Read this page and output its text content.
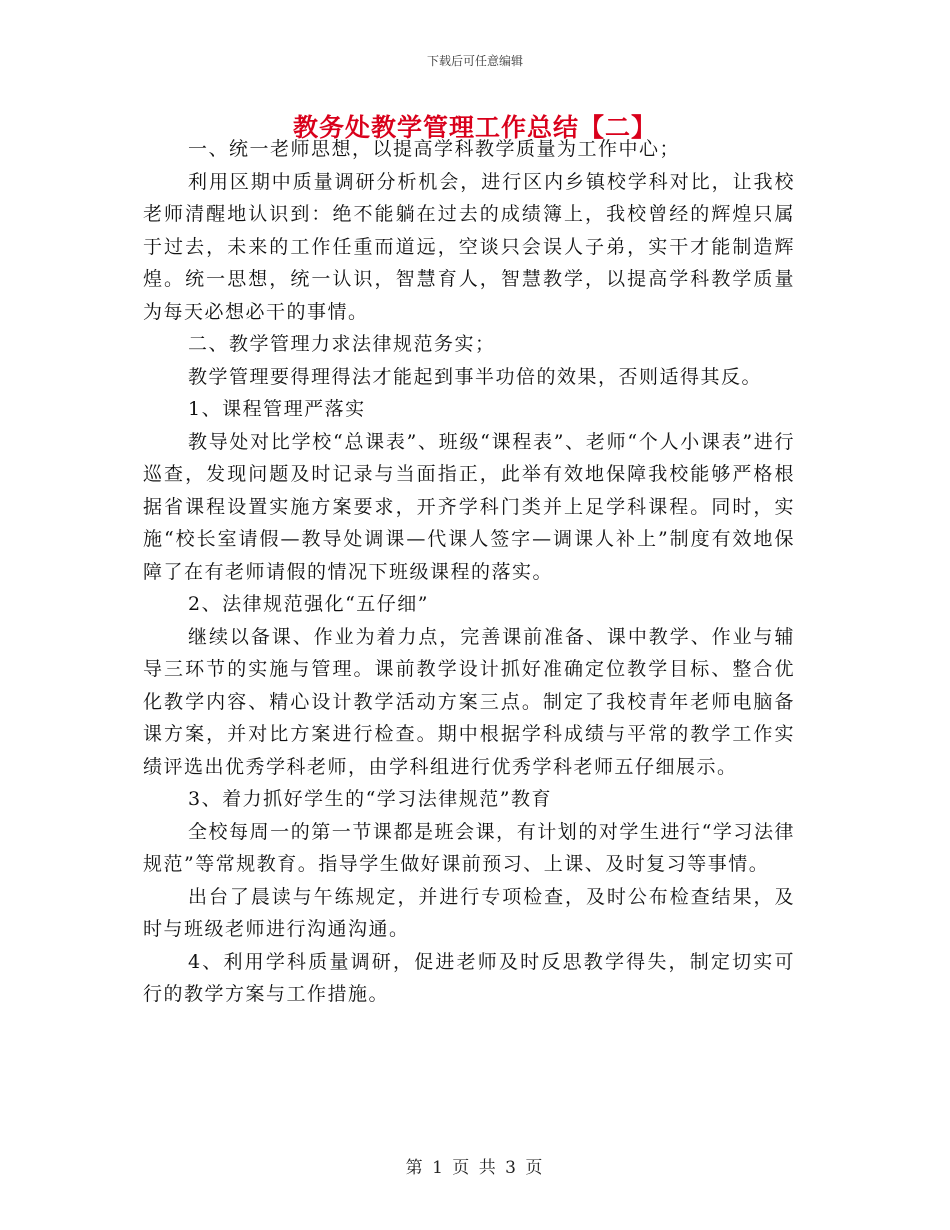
下载后可任意编辑
教务处教学管理工作总结【二】

一、统一老师思想，以提高学科教学质量为工作中心；

利用区期中质量调研分析机会，进行区内乡镇校学科对比，让我校老师清醒地认识到：绝不能躺在过去的成绩簿上，我校曾经的辉煌只属于过去，未来的工作任重而道远，空谈只会误人子弟，实干才能制造辉煌。统一思想，统一认识，智慧育人，智慧教学，以提高学科教学质量为每天必想必干的事情。

二、教学管理力求法律规范务实；

教学管理要得理得法才能起到事半功倍的效果，否则适得其反。

1、课程管理严落实

教导处对比学校“总课表”、班级“课程表”、老师“个人小课表”进行巡查，发现问题及时记录与当面指正，此举有效地保障我校能够严格根据省课程设置实施方案要求，开齐学科门类并上足学科课程。同时，实施“校长室请假—教导处调课—代课人签字—调课人补上”制度有效地保障了在有老师请假的情况下班级课程的落实。

2、法律规范强化“五仔细”

继续以备课、作业为着力点，完善课前准备、课中教学、作业与辅导三环节的实施与管理。课前教学设计抓好准确定位教学目标、整合优化教学内容、精心设计教学活动方案三点。制定了我校青年老师电脑备课方案，并对比方案进行检查。期中根据学科成绩与平常的教学工作实绩评选出优秀学科老师，由学科组进行优秀学科老师五仔细展示。

3、着力抓好学生的“学习法律规范”教育

全校每周一的第一节课都是班会课，有计划的对学生进行“学习法律规范”等常规教育。指导学生做好课前预习、上课、及时复习等事情。

出台了晨读与午练规定，并进行专项检查，及时公布检查结果，及时与班级老师进行沟通沟通。

4、利用学科质量调研，促进老师及时反思教学得失，制定切实可行的教学方案与工作措施。

第 1 页 共 3 页
